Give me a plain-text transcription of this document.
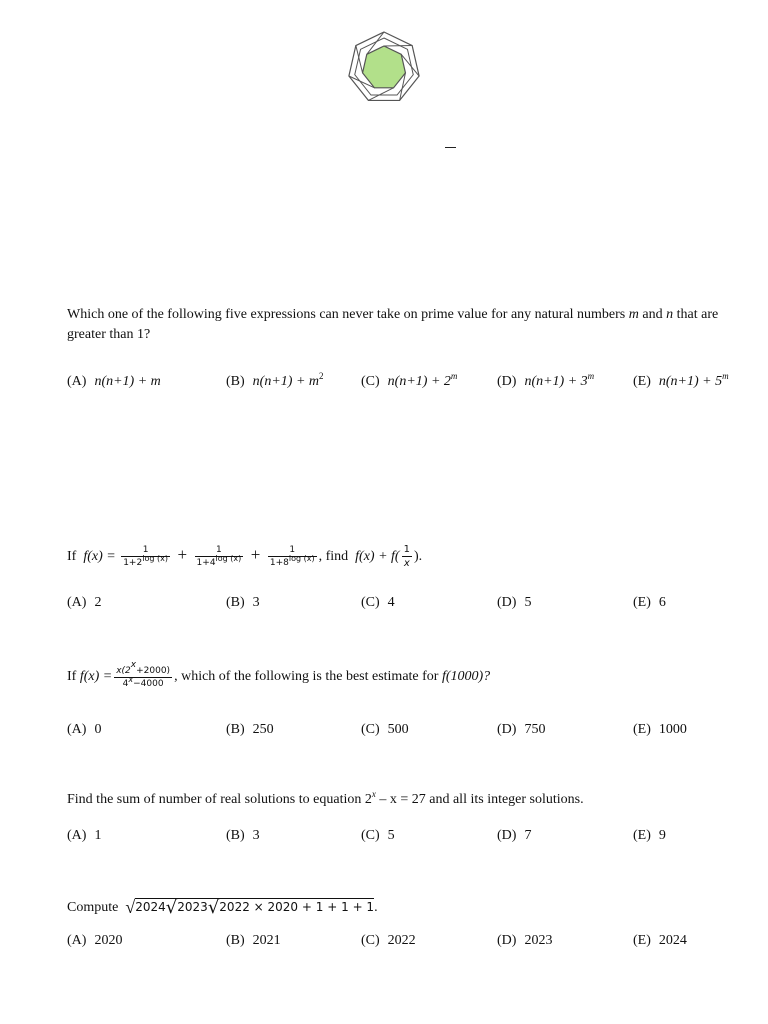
Which one of the following five expressions can never take on prime value for any natural numbers m and n that are greater than 1?
(A) n(n+1) + m	(B) $n(n+1) + m^2$	(C) $n(n+1) + 2^m$	(D) $n(n+1) + 3^m$	(E) $n(n+1) + 5^m$
If $f(x) = \frac{1}{1+2^{log (x)}} + \frac{1}{1+4^{log (x)}} + \frac{1}{1+8^{log (x)}}$ , find $f(x) + f( \frac{1}{x}$ ).
(A) 2	(B) 3	(C) 4	(D) 5	(E) 6
If $f(x) = \frac{x(2^x+2000)}{4^x-4000}$ , which of the following is the best estimate for f(1000)?
(A) 0	(B) 250	(C) 500	(D) 750	(E) 1000
Find the sum of number of real solutions to equation 2$^x$ – x = 27 and all its integer solutions.
(A) 1	(B) 3	(C) 5	(D) 7	(E) 9
Compute √2024√2023√2022 × 2020 + 1 + 1 + 1.
(A) 2020	(B) 2021	(C) 2022	(D) 2023	(E) 2024
